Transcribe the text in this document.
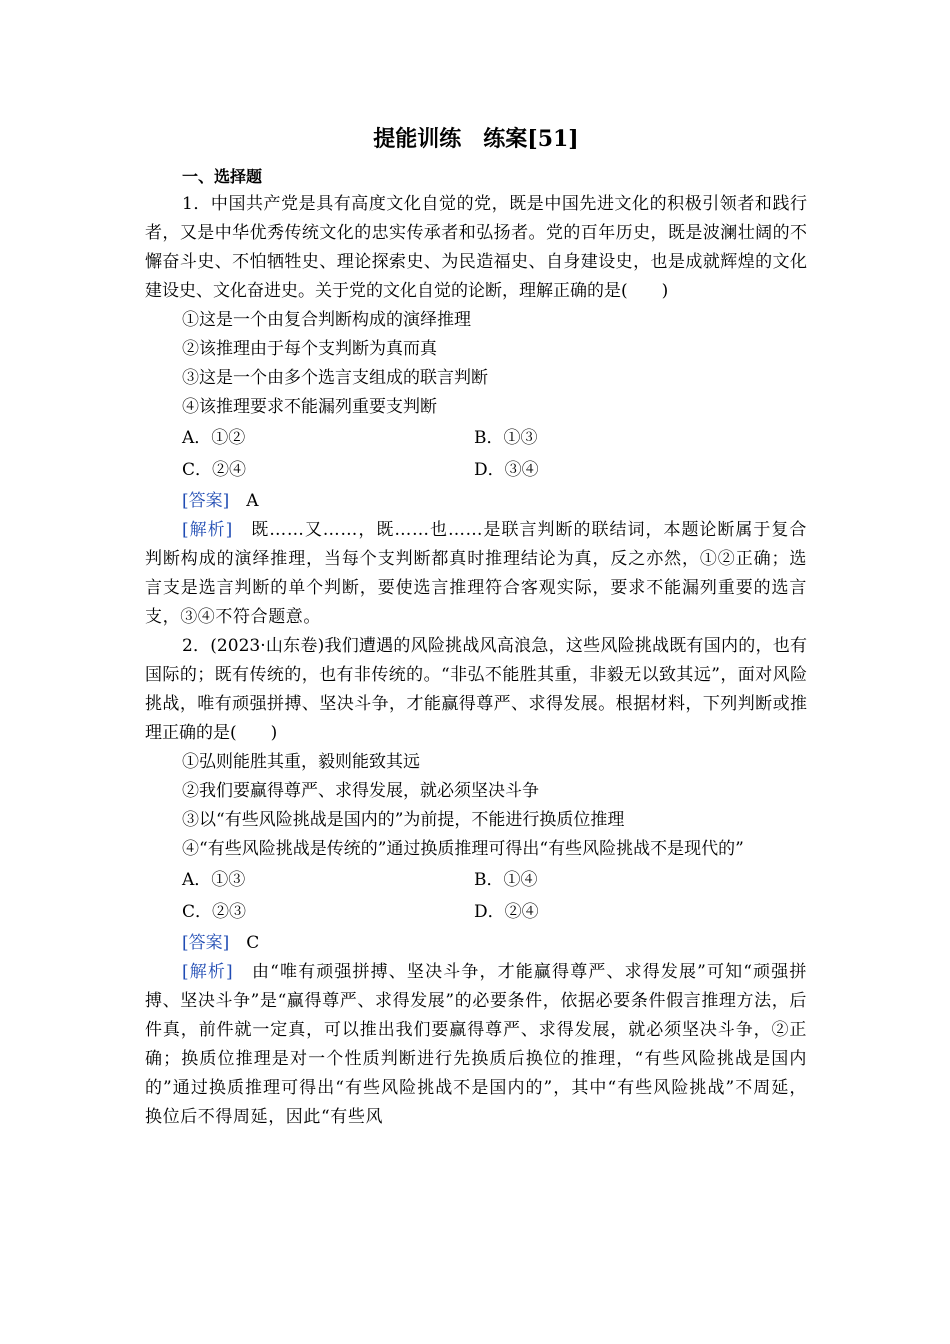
提能训练　练案[51]
一、选择题

1．中国共产党是具有高度文化自觉的党，既是中国先进文化的积极引领者和践行者，又是中华优秀传统文化的忠实传承者和弘扬者。党的百年历史，既是波澜壮阔的不懈奋斗史、不怕牺牲史、理论探索史、为民造福史、自身建设史，也是成就辉煌的文化建设史、文化奋进史。关于党的文化自觉的论断，理解正确的是(　　)

①这是一个由复合判断构成的演绎推理

②该推理由于每个支判断为真而真

③这是一个由多个选言支组成的联言判断

④该推理要求不能漏列重要支判断

A．①②	B．①③
C．②④	D．③④
[答案]　 A

[解析]　 既……又……，既……也……是联言判断的联结词，本题论断属于复合判断构成的演绎推理，当每个支判断都真时推理结论为真，反之亦然，①②正确；选言支是选言判断的单个判断，要使选言推理符合客观实际，要求不能漏列重要的选言支，③④不符合题意。

2．(2023·山东卷)我们遭遇的风险挑战风高浪急，这些风险挑战既有国内的，也有国际的；既有传统的，也有非传统的。“非弘不能胜其重，非毅无以致其远”，面对风险挑战，唯有顽强拼搏、坚决斗争，才能赢得尊严、求得发展。根据材料，下列判断或推理正确的是(　　)

①弘则能胜其重，毅则能致其远

②我们要赢得尊严、求得发展，就必须坚决斗争

③以“有些风险挑战是国内的”为前提，不能进行换质位推理

④“有些风险挑战是传统的”通过换质推理可得出“有些风险挑战不是现代的”

A．①③	B．①④
C．②③	D．②④
[答案]　 C

[解析]　 由“唯有顽强拼搏、坚决斗争，才能赢得尊严、求得发展”可知“顽强拼搏、坚决斗争”是“赢得尊严、求得发展”的必要条件，依据必要条件假言推理方法，后件真，前件就一定真，可以推出我们要赢得尊严、求得发展，就必须坚决斗争，②正确；换质位推理是对一个性质判断进行先换质后换位的推理，“有些风险挑战是国内的”通过换质推理可得出“有些风险挑战不是国内的”，其中“有些风险挑战”不周延，换位后不得周延，因此“有些风
